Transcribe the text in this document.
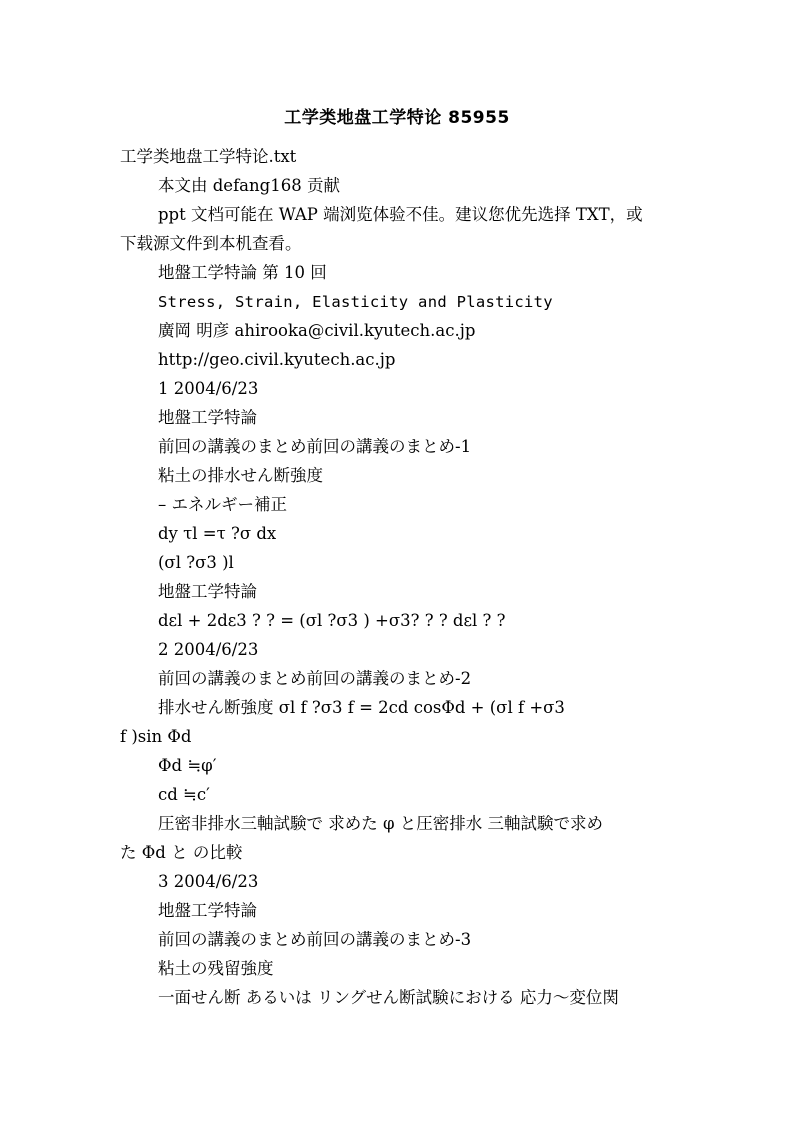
工学类地盘工学特论 85955
工学类地盘工学特论.txt
本文由 defang168 贡献
ppt 文档可能在 WAP 端浏览体验不佳。建议您优先选择 TXT，或
下载源文件到本机查看。
地盤工学特論 第 10 回
Stress, Strain, Elasticity and Plasticity
廣岡 明彦 ahirooka@civil.kyutech.ac.jp
http://geo.civil.kyutech.ac.jp
1 2004/6/23
地盤工学特論
前回の講義のまとめ前回の講義のまとめ-1
粘土の排水せん断強度
– エネルギー補正
dy τl =τ ?σ dx
(σl ?σ3 )l
地盤工学特論
dεl + 2dε3 ? ? = (σl ?σ3 ) +σ3? ? ? dεl ? ?
2 2004/6/23
前回の講義のまとめ前回の講義のまとめ-2
排水せん断強度 σl f ?σ3 f = 2cd cosΦd + (σl f +σ3
f )sin Φd
Φd ≒φ′
cd ≒c′
圧密非排水三軸試験で 求めた φ と圧密排水 三軸試験で求め
た Φd と の比較
3 2004/6/23
地盤工学特論
前回の講義のまとめ前回の講義のまとめ-3
粘土の残留強度
一面せん断 あるいは リングせん断試験における 応力～変位関
